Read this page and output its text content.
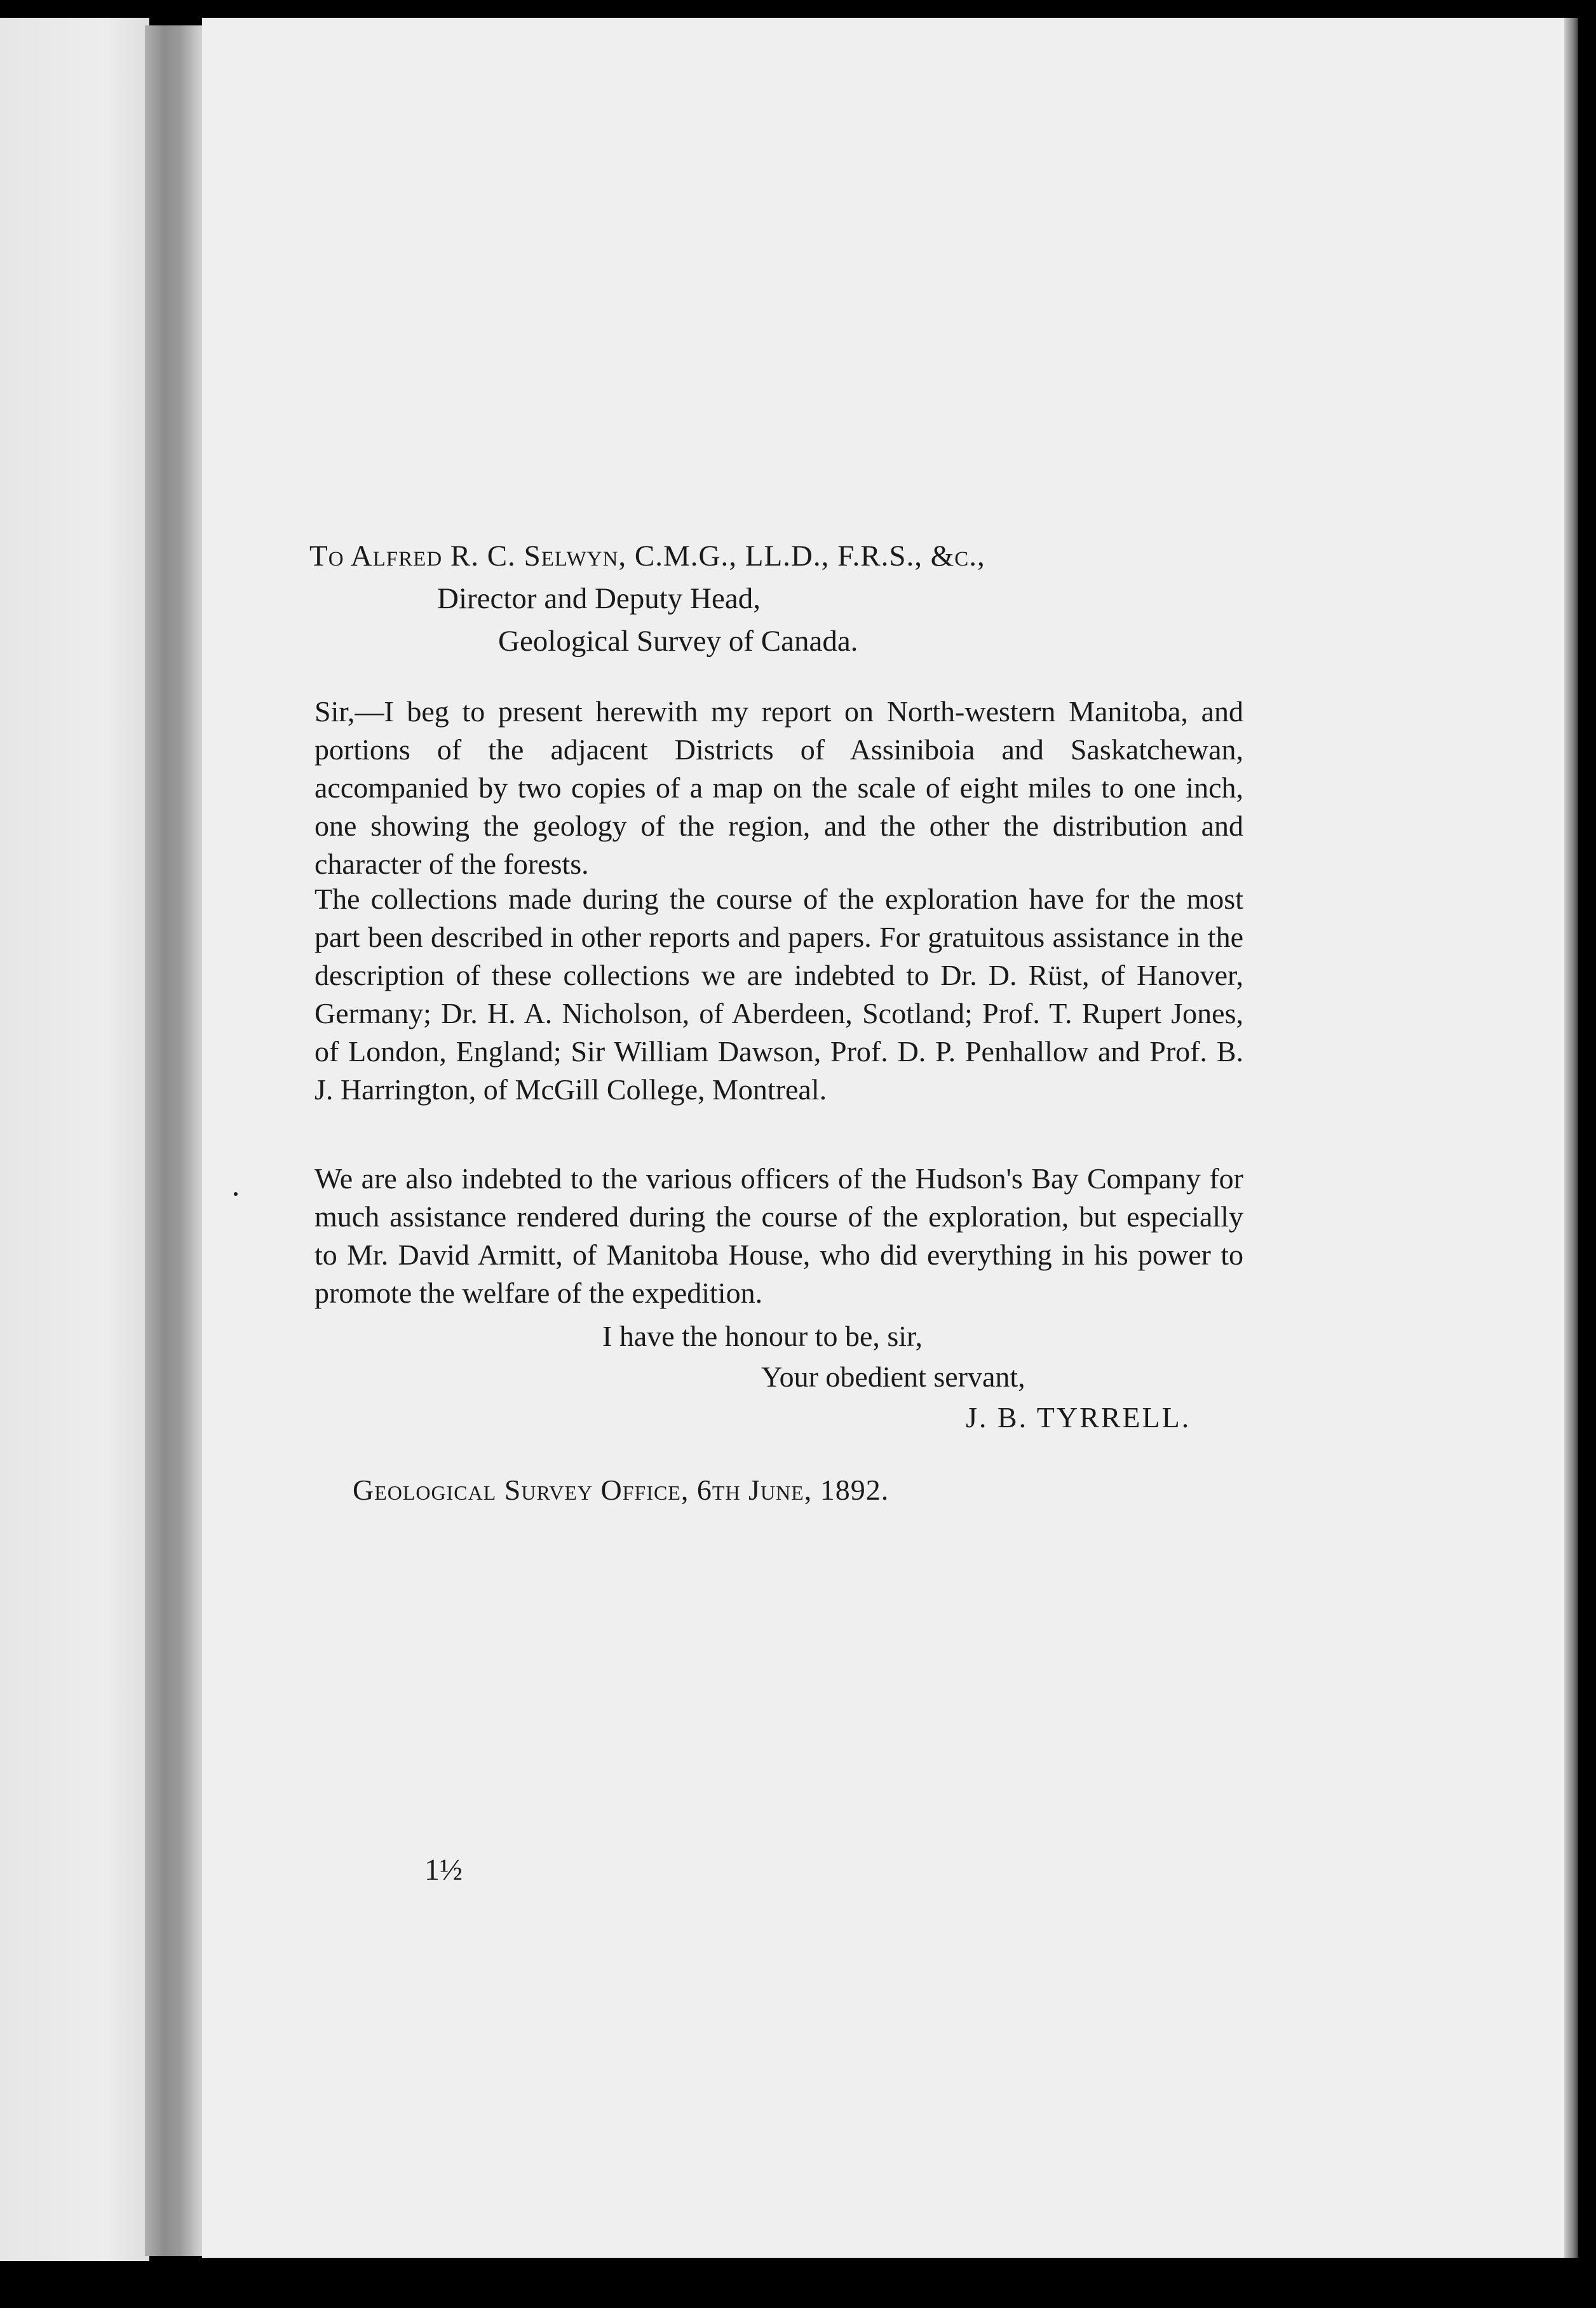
To Alfred R. C. Selwyn, C.M.G., LL.D., F.R.S., &c.,
Director and Deputy Head,
Geological Survey of Canada.
Sir,—I beg to present herewith my report on North-western Manitoba, and portions of the adjacent Districts of Assiniboia and Saskatchewan, accompanied by two copies of a map on the scale of eight miles to one inch, one showing the geology of the region, and the other the distribution and character of the forests.
The collections made during the course of the exploration have for the most part been described in other reports and papers. For gratuitous assistance in the description of these collections we are indebted to Dr. D. Rüst, of Hanover, Germany; Dr. H. A. Nicholson, of Aberdeen, Scotland; Prof. T. Rupert Jones, of London, England; Sir William Dawson, Prof. D. P. Penhallow and Prof. B. J. Harrington, of McGill College, Montreal.
We are also indebted to the various officers of the Hudson's Bay Company for much assistance rendered during the course of the exploration, but especially to Mr. David Armitt, of Manitoba House, who did everything in his power to promote the welfare of the expedition.
I have the honour to be, sir,
Your obedient servant,
J. B. TYRRELL.
Geological Survey Office, 6th June, 1892.
1½
